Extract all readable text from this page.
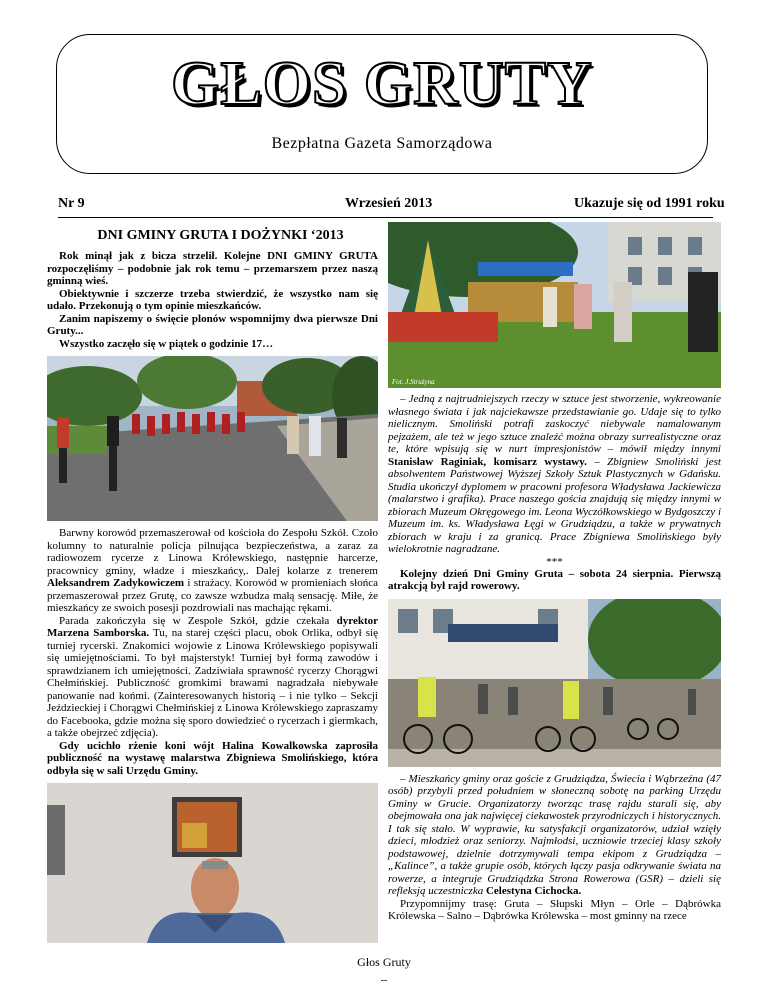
GŁOS GRUTY
Bezpłatna Gazeta Samorządowa
Nr 9	Wrzesień 2013	Ukazuje się od 1991 roku
DNI GMINY GRUTA I DOŻYNKI ‘2013

Rok minął jak z bicza strzelił. Kolejne DNI GMINY GRUTA rozpoczęliśmy – podobnie jak rok temu – przemarszem przez naszą gminną wieś.

Obiektywnie i szczerze trzeba stwierdzić, że wszystko nam się udało. Przekonują o tym opinie mieszkańców.

Zanim napiszemy o święcie plonów wspomnijmy dwa pierwsze Dni Gruty...

Wszystko zaczęło się w piątek o godzinie 17…

Barwny korowód przemaszerował od kościoła do Zespołu Szkół. Czoło kolumny to naturalnie policja pilnująca bezpieczeństwa, a zaraz za radiowozem rycerze z Linowa Królewskiego, następnie harcerze, pracownicy gminy, władze i mieszkańcy,. Dalej kolarze z trenerem Aleksandrem Zadykowiczem i strażacy. Korowód w promieniach słońca przemaszerował przez Grutę, co zawsze wzbudza małą sensację. Miłe, że mieszkańcy ze swoich posesji pozdrowiali nas machając rękami.

Parada zakończyła się w Zespole Szkół, gdzie czekała dyrektor Marzena Samborska. Tu, na starej części placu, obok Orlika, odbył się turniej rycerski. Znakomici wojowie z Linowa Królewskiego popisywali się umiejętnościami. To był majsterstyk! Turniej był formą zawodów i sprawdzianem ich umiejętności. Zadziwiała sprawność rycerzy Chorągwi Chełmińskiej. Publiczność gromkimi brawami nagradzała niebywałe panowanie nad końmi. (Zainteresowanych historią – i nie tylko – Sekcji Jeździeckiej i Chorągwi Chełmińskiej z Linowa Królewskiego zapraszamy do Facebooka, gdzie można się sporo dowiedzieć o rycerzach i giermkach, a także obejrzeć zdjęcia).

Gdy ucichło rżenie koni wójt Halina Kowalkowska zaprosiła publiczność na wystawę malarstwa Zbigniewa Smolińskiego, która odbyła się w sali Urzędu Gminy.

Fot. J.Strużyna

– Jedną z najtrudniejszych rzeczy w sztuce jest stworzenie, wykreowanie własnego świata i jak najciekawsze przedstawianie go. Udaje się to tylko nielicznym. Smoliński potrafi zaskoczyć niebywale namalowanym pejzażem, ale też w jego sztuce znaleźć można obrazy surrealistyczne oraz te, które wpisują się w nurt impresjonistów – mówił między innymi Stanisław Raginiak, komisarz wystawy. – Zbigniew Smoliński jest absolwentem Państwowej Wyższej Szkoły Sztuk Plastycznych w Gdańsku. Studia ukończył dyplomem w pracowni profesora Władysława Jackiewicza (malarstwo i grafika). Prace naszego gościa znajdują się między innymi w zbiorach Muzeum Okręgowego im. Leona Wyczółkowskiego w Bydgoszczy i Muzeum im. ks. Władysława Łęgi w Grudziądzu, a także w prywatnych zbiorach w kraju i za granicą. Prace Zbigniewa Smolińskiego były wielokrotnie nagradzane.

***

Kolejny dzień Dni Gminy Gruta – sobota 24 sierpnia. Pierwszą atrakcją był rajd rowerowy.

– Mieszkańcy gminy oraz goście z Grudziądza, Świecia i Wąbrzeźna (47 osób) przybyli przed południem w słoneczną sobotę na parking Urzędu Gminy w Grucie. Organizatorzy tworząc trasę rajdu starali się, aby obejmowała ona jak najwięcej ciekawostek przyrodniczych i historycznych. I tak się stało. W wyprawie, ku satysfakcji organizatorów, udział wzięły dzieci, młodzież oraz seniorzy. Najmłodsi, uczniowie trzeciej klasy szkoły podstawowej, dzielnie dotrzymywali tempa ekipom z Grudziądza – „Kalince”, a także grupie osób, których łączy pasja odkrywanie świata na rowerze, a integruje Grudziądzka Strona Rowerowa (GSR) – dzieli się refleksją uczestniczka Celestyna Cichocka.

Przypomnijmy trasę: Gruta – Słupski Młyn – Orle – Dąbrówka Królewska – Salno – Dąbrówka Królewska – most gminny na rzece

Głos Gruty
--
